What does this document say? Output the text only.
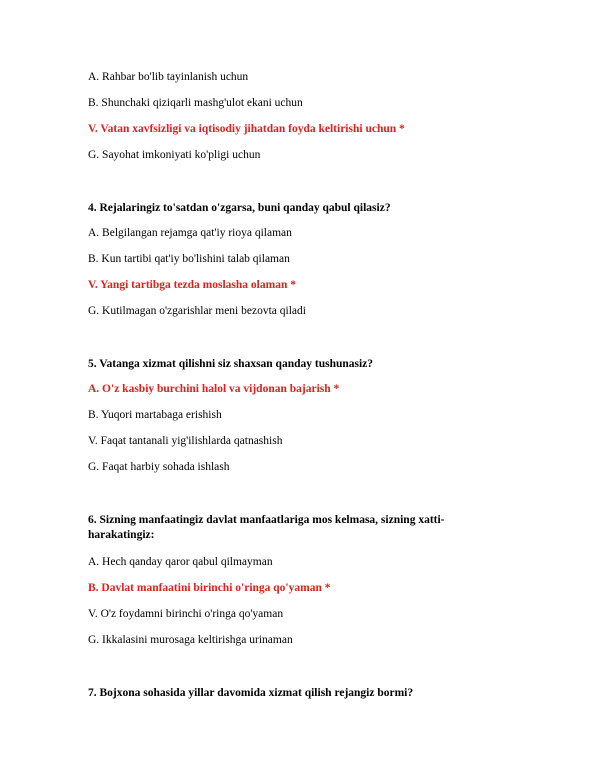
A. Rahbar bo'lib tayinlanish uchun

B. Shunchaki qiziqarli mashg'ulot ekani uchun

V. Vatan xavfsizligi va iqtisodiy jihatdan foyda keltirishi uchun *

G. Sayohat imkoniyati ko'pligi uchun

4. Rejalaringiz to'satdan o'zgarsa, buni qanday qabul qilasiz?

A. Belgilangan rejamga qat'iy rioya qilaman

B. Kun tartibi qat'iy bo'lishini talab qilaman

V. Yangi tartibga tezda moslasha olaman *

G. Kutilmagan o'zgarishlar meni bezovta qiladi

5. Vatanga xizmat qilishni siz shaxsan qanday tushunasiz?

A. O'z kasbiy burchini halol va vijdonan bajarish *

B. Yuqori martabaga erishish

V. Faqat tantanali yig'ilishlarda qatnashish

G. Faqat harbiy sohada ishlash

6. Sizning manfaatingiz davlat manfaatlariga mos kelmasa, sizning xatti-harakatingiz:

A. Hech qanday qaror qabul qilmayman

B. Davlat manfaatini birinchi o'ringa qo'yaman *

V. O'z foydamni birinchi o'ringa qo'yaman

G. Ikkalasini murosaga keltirishga urinaman

7. Bojxona sohasida yillar davomida xizmat qilish rejangiz bormi?
